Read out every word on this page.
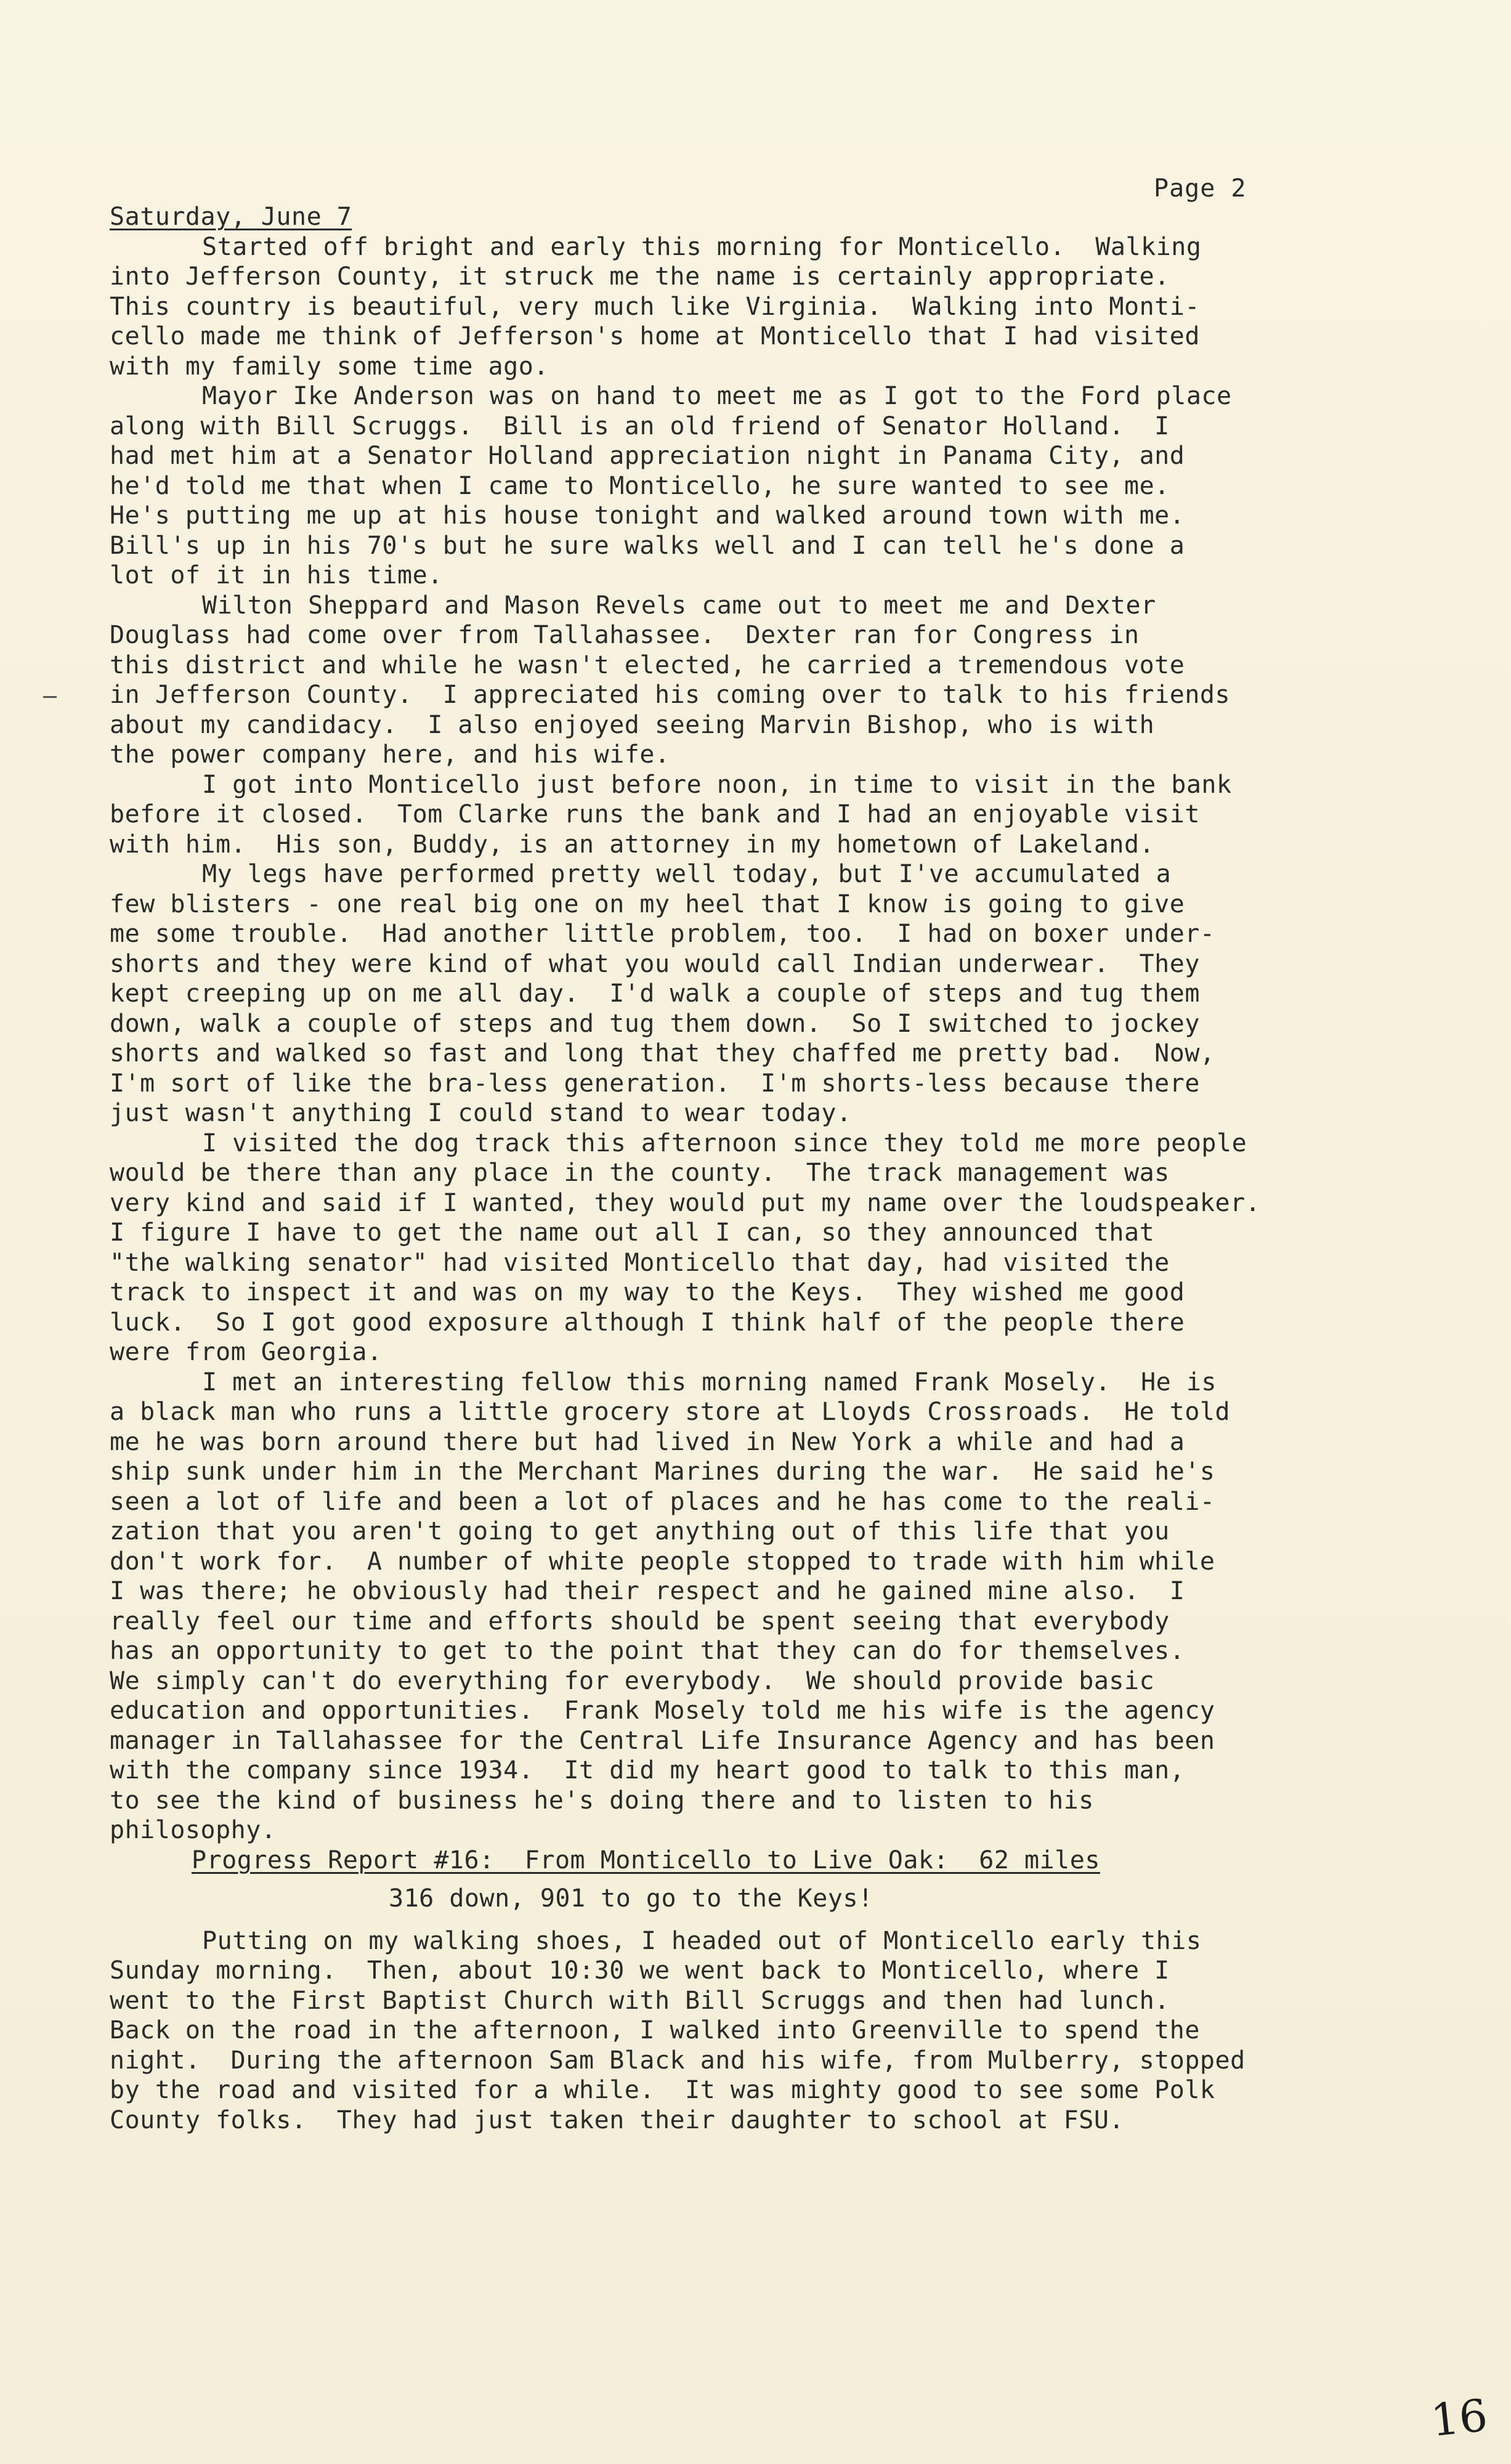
Page 2
Saturday, June 7
Started off bright and early this morning for Monticello.  Walking
into Jefferson County, it struck me the name is certainly appropriate.
This country is beautiful, very much like Virginia.  Walking into Monti-
cello made me think of Jefferson's home at Monticello that I had visited
with my family some time ago.
Mayor Ike Anderson was on hand to meet me as I got to the Ford place
along with Bill Scruggs.  Bill is an old friend of Senator Holland.  I
had met him at a Senator Holland appreciation night in Panama City, and
he'd told me that when I came to Monticello, he sure wanted to see me.
He's putting me up at his house tonight and walked around town with me.
Bill's up in his 70's but he sure walks well and I can tell he's done a
lot of it in his time.
Wilton Sheppard and Mason Revels came out to meet me and Dexter
Douglass had come over from Tallahassee.  Dexter ran for Congress in
this district and while he wasn't elected, he carried a tremendous vote
in Jefferson County.  I appreciated his coming over to talk to his friends
about my candidacy.  I also enjoyed seeing Marvin Bishop, who is with
the power company here, and his wife.
I got into Monticello just before noon, in time to visit in the bank
before it closed.  Tom Clarke runs the bank and I had an enjoyable visit
with him.  His son, Buddy, is an attorney in my hometown of Lakeland.
My legs have performed pretty well today, but I've accumulated a
few blisters - one real big one on my heel that I know is going to give
me some trouble.  Had another little problem, too.  I had on boxer under-
shorts and they were kind of what you would call Indian underwear.  They
kept creeping up on me all day.  I'd walk a couple of steps and tug them
down, walk a couple of steps and tug them down.  So I switched to jockey
shorts and walked so fast and long that they chaffed me pretty bad.  Now,
I'm sort of like the bra-less generation.  I'm shorts-less because there
just wasn't anything I could stand to wear today.
I visited the dog track this afternoon since they told me more people
would be there than any place in the county.  The track management was
very kind and said if I wanted, they would put my name over the loudspeaker.
I figure I have to get the name out all I can, so they announced that
"the walking senator" had visited Monticello that day, had visited the
track to inspect it and was on my way to the Keys.  They wished me good
luck.  So I got good exposure although I think half of the people there
were from Georgia.
I met an interesting fellow this morning named Frank Mosely.  He is
a black man who runs a little grocery store at Lloyds Crossroads.  He told
me he was born around there but had lived in New York a while and had a
ship sunk under him in the Merchant Marines during the war.  He said he's
seen a lot of life and been a lot of places and he has come to the reali-
zation that you aren't going to get anything out of this life that you
don't work for.  A number of white people stopped to trade with him while
I was there; he obviously had their respect and he gained mine also.  I
really feel our time and efforts should be spent seeing that everybody
has an opportunity to get to the point that they can do for themselves.
We simply can't do everything for everybody.  We should provide basic
education and opportunities.  Frank Mosely told me his wife is the agency
manager in Tallahassee for the Central Life Insurance Agency and has been
with the company since 1934.  It did my heart good to talk to this man,
to see the kind of business he's doing there and to listen to his
philosophy.
Progress Report #16:  From Monticello to Live Oak:  62 miles
316 down, 901 to go to the Keys!
Putting on my walking shoes, I headed out of Monticello early this
Sunday morning.  Then, about 10:30 we went back to Monticello, where I
went to the First Baptist Church with Bill Scruggs and then had lunch.
Back on the road in the afternoon, I walked into Greenville to spend the
night.  During the afternoon Sam Black and his wife, from Mulberry, stopped
by the road and visited for a while.  It was mighty good to see some Polk
County folks.  They had just taken their daughter to school at FSU.
16
